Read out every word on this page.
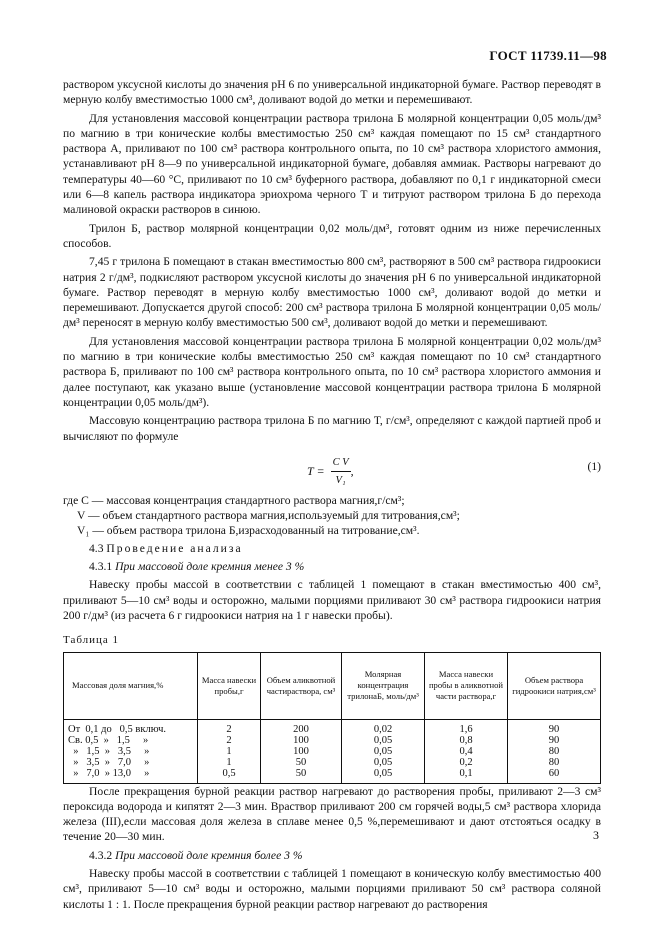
ГОСТ 11739.11—98

раствором уксусной кислоты до значения pH 6 по универсальной индикаторной бумаге. Раствор переводят в мерную колбу вместимостью 1000 см³, доливают водой до метки и перемешивают.

Для установления массовой концентрации раствора трилона Б молярной концентрации 0,05 моль/дм³ по магнию в три конические колбы вместимостью 250 см³ каждая помещают по 15 см³ стандартного раствора А, приливают по 100 см³ раствора контрольного опыта, по 10 см³ раствора хлористого аммония, устанавливают pH 8—9 по универсальной индикаторной бумаге, добавляя аммиак. Растворы нагревают до температуры 40—60 °С, приливают по 10 см³ буферного раствора, добавляют по 0,1 г индикаторной смеси или 6—8 капель раствора индикатора эриохрома черного Т и титруют раствором трилона Б до перехода малиновой окраски растворов в синюю.

Трилон Б, раствор молярной концентрации 0,02 моль/дм³, готовят одним из ниже перечисленных способов.

7,45 г трилона Б помещают в стакан вместимостью 800 см³, растворяют в 500 см³ раствора гидроокиси натрия 2 г/дм³, подкисляют раствором уксусной кислоты до значения pH 6 по универсальной индикаторной бумаге. Раствор переводят в мерную колбу вместимостью 1000 см³, доливают водой до метки и перемешивают. Допускается другой способ: 200 см³ раствора трилона Б молярной концентрации 0,05 моль/дм³ переносят в мерную колбу вместимостью 500 см³, доливают водой до метки и перемешивают.

Для установления массовой концентрации раствора трилона Б молярной концентрации 0,02 моль/дм³ по магнию в три конические колбы вместимостью 250 см³ каждая помещают по 10 см³ стандартного раствора Б, приливают по 100 см³ раствора контрольного опыта, по 10 см³ раствора хлористого аммония и далее поступают, как указано выше (установление массовой концентрации раствора трилона Б молярной концентрации 0,05 моль/дм³).

Массовую концентрацию раствора трилона Б по магнию Т, г/см³, определяют с каждой партией проб и вычисляют по формуле

$T = \frac{\text{C V}}{\text{V₁}}$ ,	(1)
где C — массовая концентрация стандартного раствора магния,г/см³;
V — объем стандартного раствора магния,используемый для титрования,см³;
V₁ — объем раствора трилона Б,израсходованный на титрование,см³.

4.3 Проведение анализа

4.3.1 При массовой доле кремния менее 3 %

Навеску пробы массой в соответствии с таблицей 1 помещают в стакан вместимостью 400 см³, приливают 5—10 см³ воды и осторожно, малыми порциями приливают 30 см³ раствора гидроокиси натрия 200 г/дм³ (из расчета 6 г гидроокиси натрия на 1 г навески пробы).

Таблица 1
Массовая доля магния,%	Масса навески пробы,г	Объем аликвотной частираствора, см³	Молярная концентрация трилонаБ, моль/дм³	Масса навески пробы в аликвотной части раствора,г	Объем раствора гидроокиси натрия,см³
От  0,1 до   0,5 включ.	2	200	0,02	1,6	90
Св. 0,5  »   1,5     »	2	100	0,05	0,8	90
»   1,5  »   3,5     »	1	100	0,05	0,4	80
»   3,5  »   7,0     »	1	50	0,05	0,2	80
»   7,0  » 13,0     »	0,5	50	0,05	0,1	60

После прекращения бурной реакции раствор нагревают до растворения пробы, приливают 2—3 см³ пероксида водорода и кипятят 2—3 мин. Враствор приливают 200 см горячей воды,5 см³ раствора хлорида железа (III),если массовая доля железа в сплаве менее 0,5 %,перемешивают и дают отстояться осадку в течение 20—30 мин.

4.3.2 При массовой доле кремния более 3 %

Навеску пробы массой в соответствии с таблицей 1 помещают в коническую колбу вместимостью 400 см³, приливают 5—10 см³ воды и осторожно, малыми порциями приливают 50 см³ раствора соляной кислоты 1 : 1. После прекращения бурной реакции раствор нагревают до растворения

3
